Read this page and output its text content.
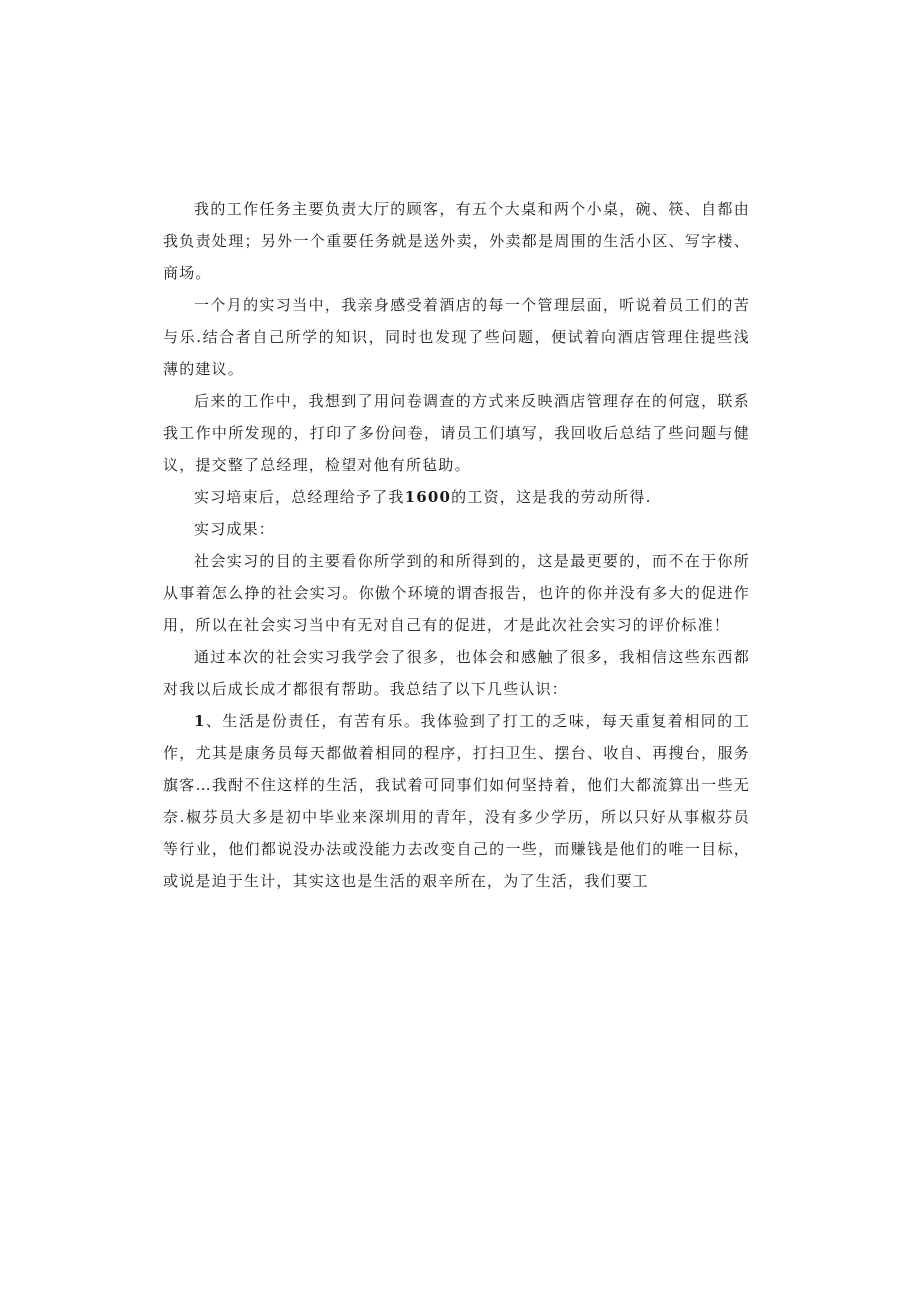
我的工作任务主要负责大厅的顾客，有五个大桌和两个小桌，碗、筷、自都由我负责处理；另外一个重要任务就是送外卖，外卖都是周围的生活小区、写字楼、商场。

一个月的实习当中，我亲身感受着酒店的每一个管理层面，听说着员工们的苦与乐.结合者自己所学的知识，同时也发现了些问题，便试着向酒店管理住提些浅薄的建议。

后来的工作中，我想到了用问卷调查的方式来反映酒店管理存在的何寇，联系我工作中所发现的，打印了多份问卷，请员工们填写，我回收后总结了些问题与健议，提交整了总经理，检望对他有所毡助。

实习培束后，总经理给予了我1600的工资，这是我的劳动所得.

实习成果：

社会实习的目的主要看你所学到的和所得到的，这是最更要的，而不在于你所从事着怎么挣的社会实习。你傲个环境的谓杳报告，也许的你并没有多大的促进作用，所以在社会实习当中有无对自己有的促进，才是此次社会实习的评价标准！

通过本次的社会实习我学会了很多，也体会和感触了很多，我相信这些东西都对我以后成长成才都很有帮助。我总结了以下几些认识：

1、生活是份责任，有苦有乐。我体验到了打工的乏味，每天重复着相同的工作，尤其是康务员每天都做着相同的程序，打扫卫生、摆台、收自、再搜台，服务旗客…我酎不住这样的生活，我试着可同事们如何坚持着，他们大都流算出一些无奈.椒芬员大多是初中毕业来深圳用的青年，没有多少学历，所以只好从事椒芬员等行业，他们都说没办法或没能力去改变自己的一些，而赚钱是他们的唯一目标，或说是迫于生计，其实这也是生活的艰辛所在，为了生活，我们要工
